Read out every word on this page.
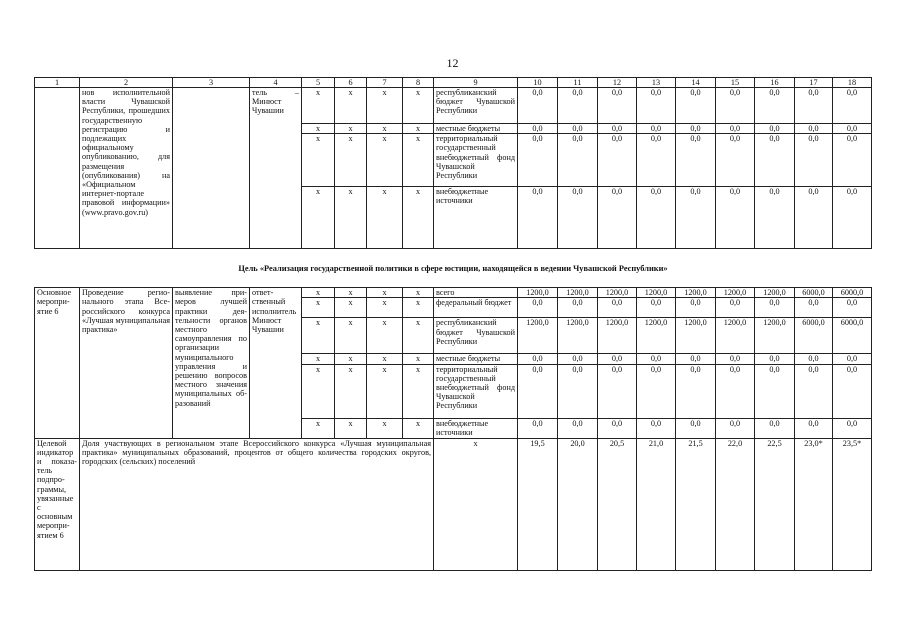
12
1	2	3	4	5	6	7	8	9	10	11	12	13	14	15	16	17	18
	нов исполнительной власти Чувашской Республики, прошедших государственную регистрацию и подлежащих официальному опубликованию, для размещения (опубликования) на «Официальном интернет-портале правовой информации» (www.pravo.gov.ru)		тель – Минюст Чувашии	x	x	x	x	республиканский бюджет Чувашской Республики	0,0	0,0	0,0	0,0	0,0	0,0	0,0	0,0	0,0
				x	x	x	x	местные бюджеты	0,0	0,0	0,0	0,0	0,0	0,0	0,0	0,0	0,0
				x	x	x	x	территориальный государственный внебюджетный фонд Чувашской Республики	0,0	0,0	0,0	0,0	0,0	0,0	0,0	0,0	0,0
				x	x	x	x	внебюджетные источники	0,0	0,0	0,0	0,0	0,0	0,0	0,0	0,0	0,0
Цель «Реализация государственной политики в сфере юстиции, находящейся в ведении Чувашской Республики»																	
Основное мероприятие 6	Проведение регионального этапа Всероссийского конкурса «Лучшая муниципальная практика»	выявление примеров лучшей практики деятельности органов местного самоуправления по организации муниципального управления и решению вопросов местного значения муниципальных образований	ответственный исполнитель Минюст Чувашии	x	x	x	x	всего	1200,0	1200,0	1200,0	1200,0	1200,0	1200,0	1200,0	6000,0	6000,0
				x	x	x	x	федеральный бюджет	0,0	0,0	0,0	0,0	0,0	0,0	0,0	0,0	0,0
				x	x	x	x	республиканский бюджет Чувашской Республики	1200,0	1200,0	1200,0	1200,0	1200,0	1200,0	1200,0	6000,0	6000,0
				x	x	x	x	местные бюджеты	0,0	0,0	0,0	0,0	0,0	0,0	0,0	0,0	0,0
				x	x	x	x	территориальный государственный внебюджетный фонд Чувашской Республики	0,0	0,0	0,0	0,0	0,0	0,0	0,0	0,0	0,0
				x	x	x	x	внебюджетные источники	0,0	0,0	0,0	0,0	0,0	0,0	0,0	0,0	0,0
Целевой индикатор и показатель подпрограммы, увязанные с основным мероприятием 6	Доля участвующих в региональном этапе Всероссийского конкурса «Лучшая муниципальная практика» муниципальных образований, процентов от общего количества городских округов, городских (сельских) поселений							x	19,5	20,0	20,5	21,0	21,5	22,0	22,5	23,0*	23,5*
